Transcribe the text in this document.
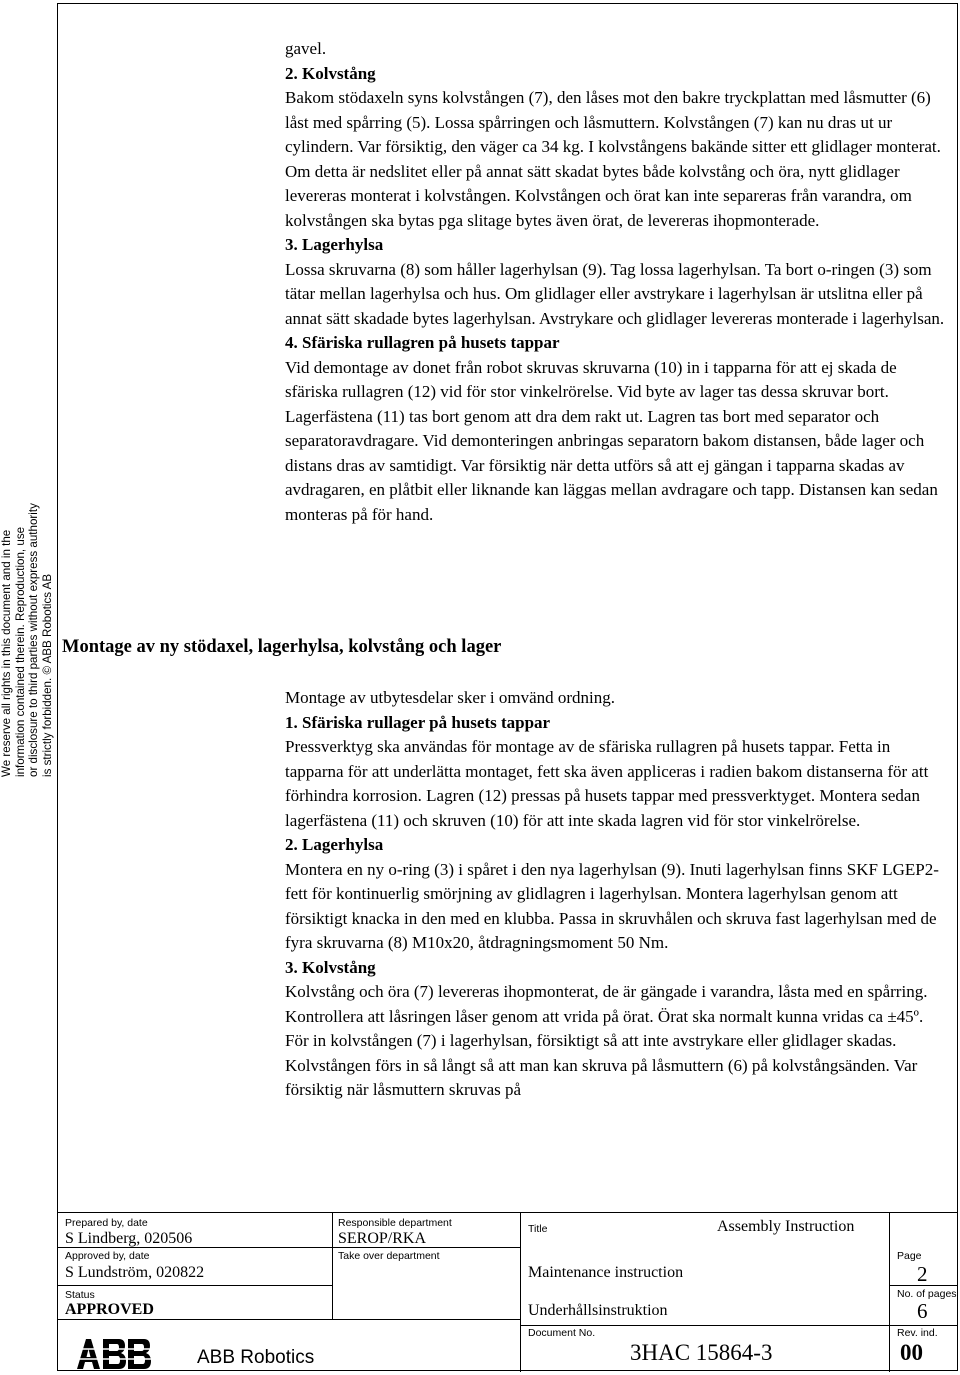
We reserve all rights in this document and in the information contained therein. Reproduction, use or disclosure to third parties without express authority is strictly forbidden. © ABB Robotics AB

gavel.

2. Kolvstång

Bakom stödaxeln syns kolvstången (7), den låses mot den bakre tryckplattan med låsmutter (6) låst med spårring (5). Lossa spårringen och låsmuttern. Kolvstången (7) kan nu dras ut ur cylindern. Var försiktig, den väger ca 34 kg. I kolvstångens bakände sitter ett glidlager monterat. Om detta är nedslitet eller på annat sätt skadat bytes både kolvstång och öra, nytt glidlager levereras monterat i kolvstången. Kolvstången och örat kan inte separeras från varandra, om kolvstången ska bytas pga slitage bytes även örat, de levereras ihopmonterade.

3. Lagerhylsa

Lossa skruvarna (8) som håller lagerhylsan (9). Tag lossa lagerhylsan. Ta bort o-ringen (3) som tätar mellan lagerhylsa och hus. Om glidlager eller avstrykare i lagerhylsan är utslitna eller på annat sätt skadade bytes lagerhylsan. Avstrykare och glidlager levereras monterade i lagerhylsan.

4. Sfäriska rullagren på husets tappar

Vid demontage av donet från robot skruvas skruvarna (10) in i tapparna för att ej skada de sfäriska rullagren (12) vid för stor vinkelrörelse. Vid byte av lager tas dessa skruvar bort. Lagerfästena (11) tas bort genom att dra dem rakt ut. Lagren tas bort med separator och separatoravdragare. Vid demonteringen anbringas separatorn bakom distansen, både lager och distans dras av samtidigt. Var försiktig när detta utförs så att ej gängan i tapparna skadas av avdragaren, en plåtbit eller liknande kan läggas mellan avdragare och tapp. Distansen kan sedan monteras på för hand.

Montage av ny stödaxel, lagerhylsa, kolvstång och lager

Montage av utbytesdelar sker i omvänd ordning.

1. Sfäriska rullager på husets tappar

Pressverktyg ska användas för montage av de sfäriska rullagren på husets tappar. Fetta in tapparna för att underlätta montaget, fett ska även appliceras i radien bakom distanserna för att förhindra korrosion. Lagren (12) pressas på husets tappar med pressverktyget. Montera sedan lagerfästena (11) och skruven (10) för att inte skada lagren vid för stor vinkelrörelse.

2. Lagerhylsa

Montera en ny o-ring (3) i spåret i den nya lagerhylsan (9). Inuti lagerhylsan finns SKF LGEP2-fett för kontinuerlig smörjning av glidlagren i lagerhylsan. Montera lagerhylsan genom att försiktigt knacka in den med en klubba. Passa in skruvhålen och skruva fast lagerhylsan med de fyra skruvarna (8) M10x20, åtdragningsmoment 50 Nm.

3. Kolvstång

Kolvstång och öra (7) levereras ihopmonterat, de är gängade i varandra, låsta med en spårring. Kontrollera att låsringen låser genom att vrida på örat. Örat ska normalt kunna vridas ca ±45º.

För in kolvstången (7) i lagerhylsan, försiktigt så att inte avstrykare eller glidlager skadas. Kolvstången förs in så långt så att man kan skruva på låsmuttern (6) på kolvstångsänden. Var försiktig när låsmuttern skruvas på

Prepared by, date
S Lindberg, 020506
Approved by, date
S Lundström, 020822
Status
APPROVED
Responsible department
SEROP/RKA
Take over department
Title	Assembly Instruction
Maintenance instruction
Underhållsinstruktion
Document No.
3HAC 15864-3
Page
2
No. of pages
6
Rev. ind.
00
ABB Robotics
